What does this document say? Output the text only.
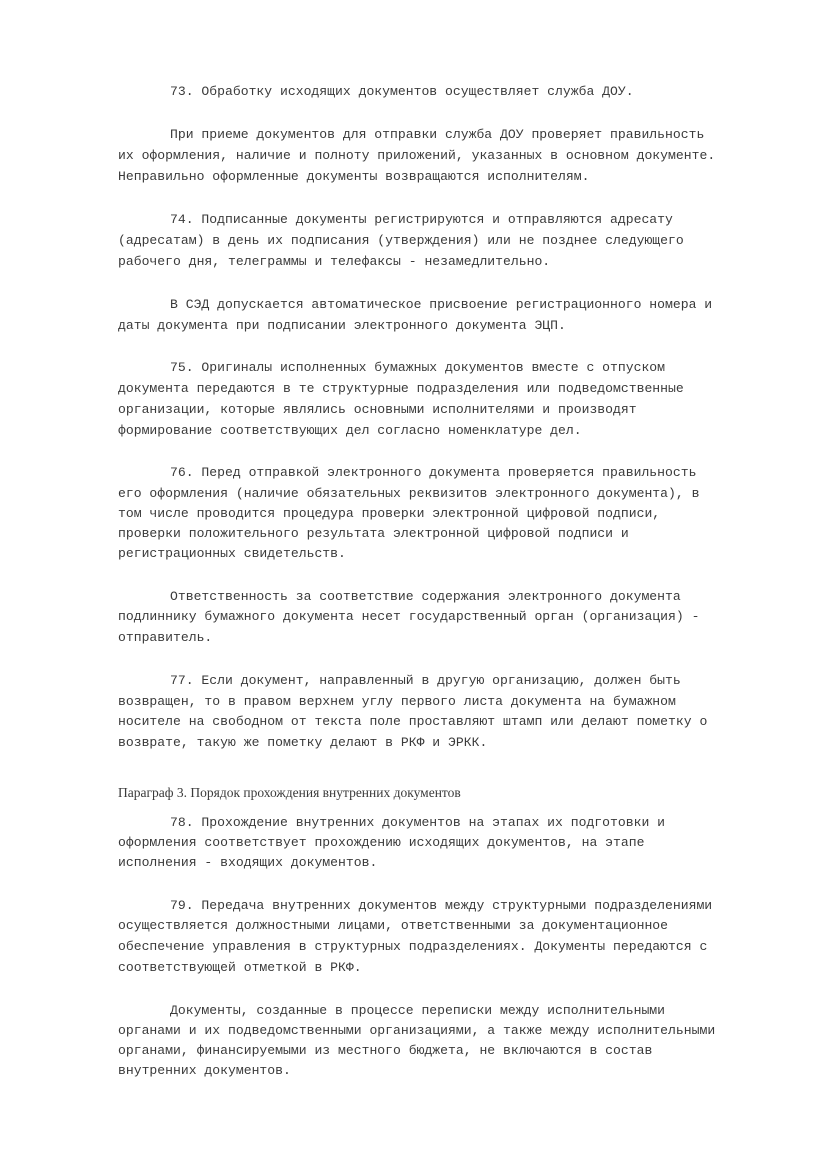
73. Обработку исходящих документов осуществляет служба ДОУ.

При приеме документов для отправки служба ДОУ проверяет правильность

их оформления, наличие и полноту приложений, указанных в основном документе.

Неправильно оформленные документы возвращаются исполнителям.

74. Подписанные документы регистрируются и отправляются адресату

(адресатам) в день их подписания (утверждения) или не позднее следующего

рабочего дня, телеграммы и телефаксы - незамедлительно.

В СЭД допускается автоматическое присвоение регистрационного номера и

даты документа при подписании электронного документа ЭЦП.

75. Оригиналы исполненных бумажных документов вместе с отпуском

документа передаются в те структурные подразделения или подведомственные

организации, которые являлись основными исполнителями и производят

формирование соответствующих дел согласно номенклатуре дел.

76. Перед отправкой электронного документа проверяется правильность

его оформления (наличие обязательных реквизитов электронного документа), в

том числе проводится процедура проверки электронной цифровой подписи,

проверки положительного результата электронной цифровой подписи и

регистрационных свидетельств.

Ответственность за соответствие содержания электронного документа

подлиннику бумажного документа несет государственный орган (организация) -

отправитель.

77. Если документ, направленный в другую организацию, должен быть

возвращен, то в правом верхнем углу первого листа документа на бумажном

носителе на свободном от текста поле проставляют штамп или делают пометку о

возврате, такую же пометку делают в РКФ и ЭРКК.

Параграф 3. Порядок прохождения внутренних документов

78. Прохождение внутренних документов на этапах их подготовки и

оформления соответствует прохождению исходящих документов, на этапе

исполнения - входящих документов.

79. Передача внутренних документов между структурными подразделениями

осуществляется должностными лицами, ответственными за документационное

обеспечение управления в структурных подразделениях. Документы передаются с

соответствующей отметкой в РКФ.

Документы, созданные в процессе переписки между исполнительными

органами и их подведомственными организациями, а также между исполнительными

органами, финансируемыми из местного бюджета, не включаются в состав

внутренних документов.
